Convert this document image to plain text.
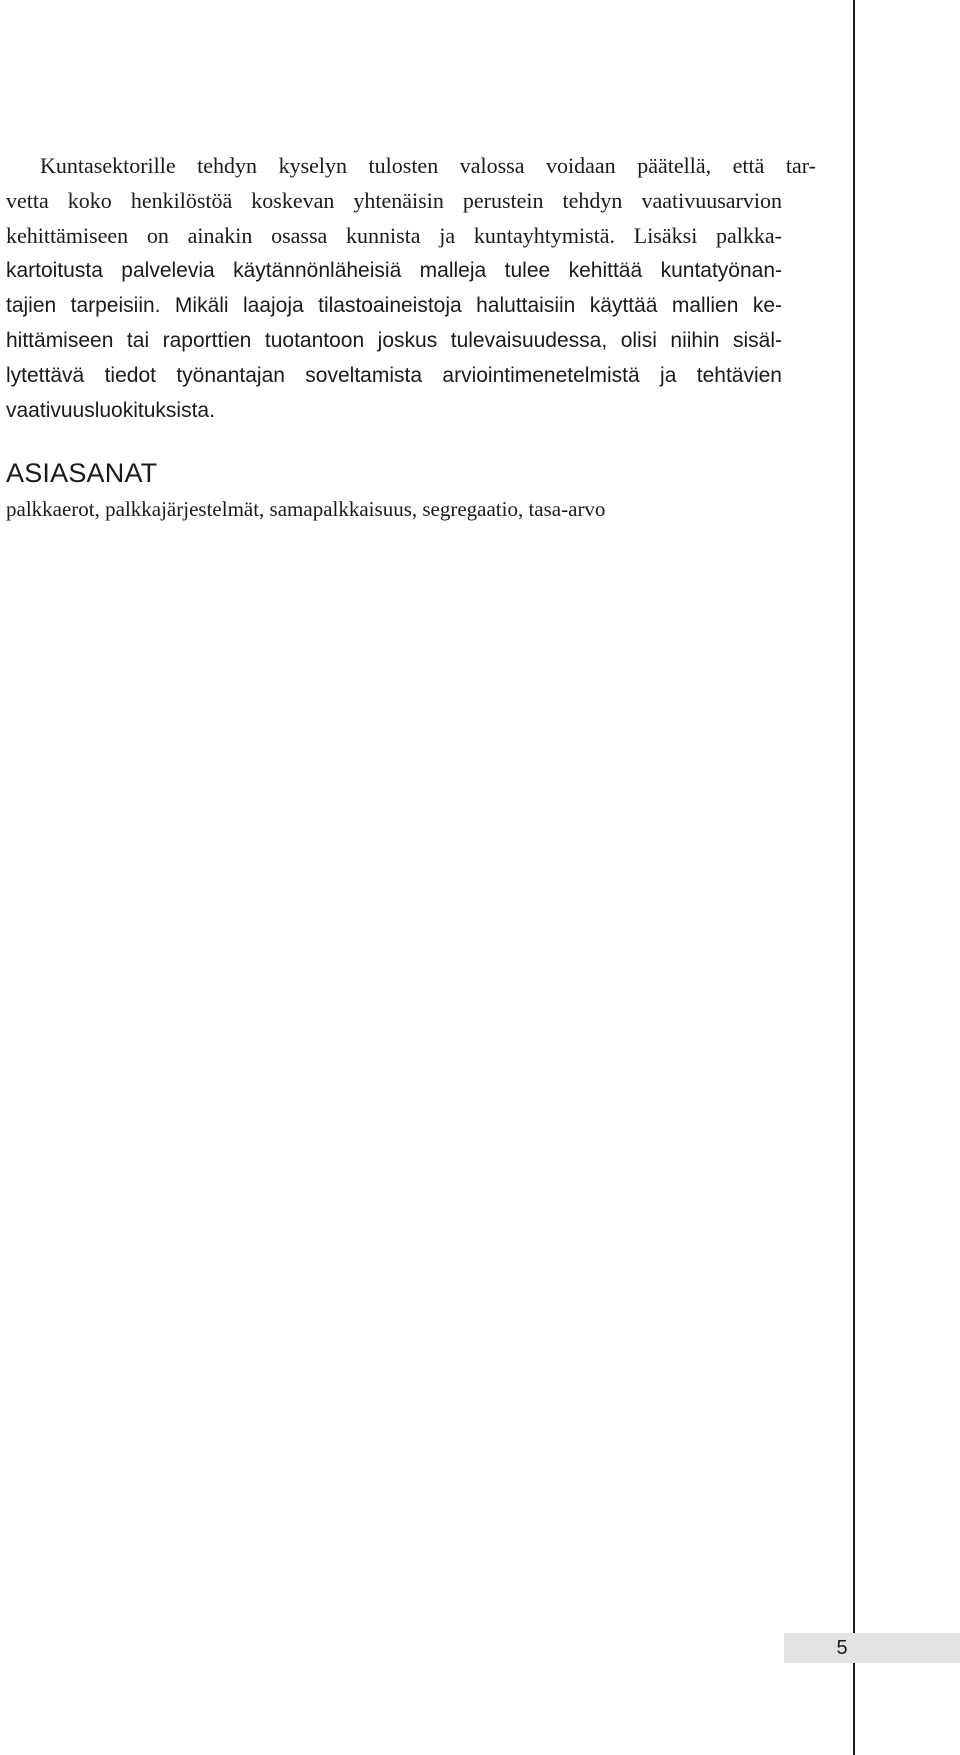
Kuntasektorille tehdyn kyselyn tulosten valossa voidaan päätellä, että tar-
vetta koko henkilöstöä koskevan yhtenäisin perustein tehdyn vaativuusarvion
kehittämiseen on ainakin osassa kunnista ja kuntayhtymistä. Lisäksi palkka-
kartoitusta palvelevia käytännönläheisiä malleja tulee kehittää kuntatyönan-
tajien tarpeisiin. Mikäli laajoja tilastoaineistoja haluttaisiin käyttää mallien ke-
hittämiseen tai raporttien tuotantoon joskus tulevaisuudessa, olisi niihin sisäl-
lytettävä tiedot työnantajan soveltamista arviointimenetelmistä ja tehtävien
vaativuusluokituksista.

ASIASANAT

palkkaerot, palkkajärjestelmät, samapalkkaisuus, segregaatio, tasa-arvo

5
